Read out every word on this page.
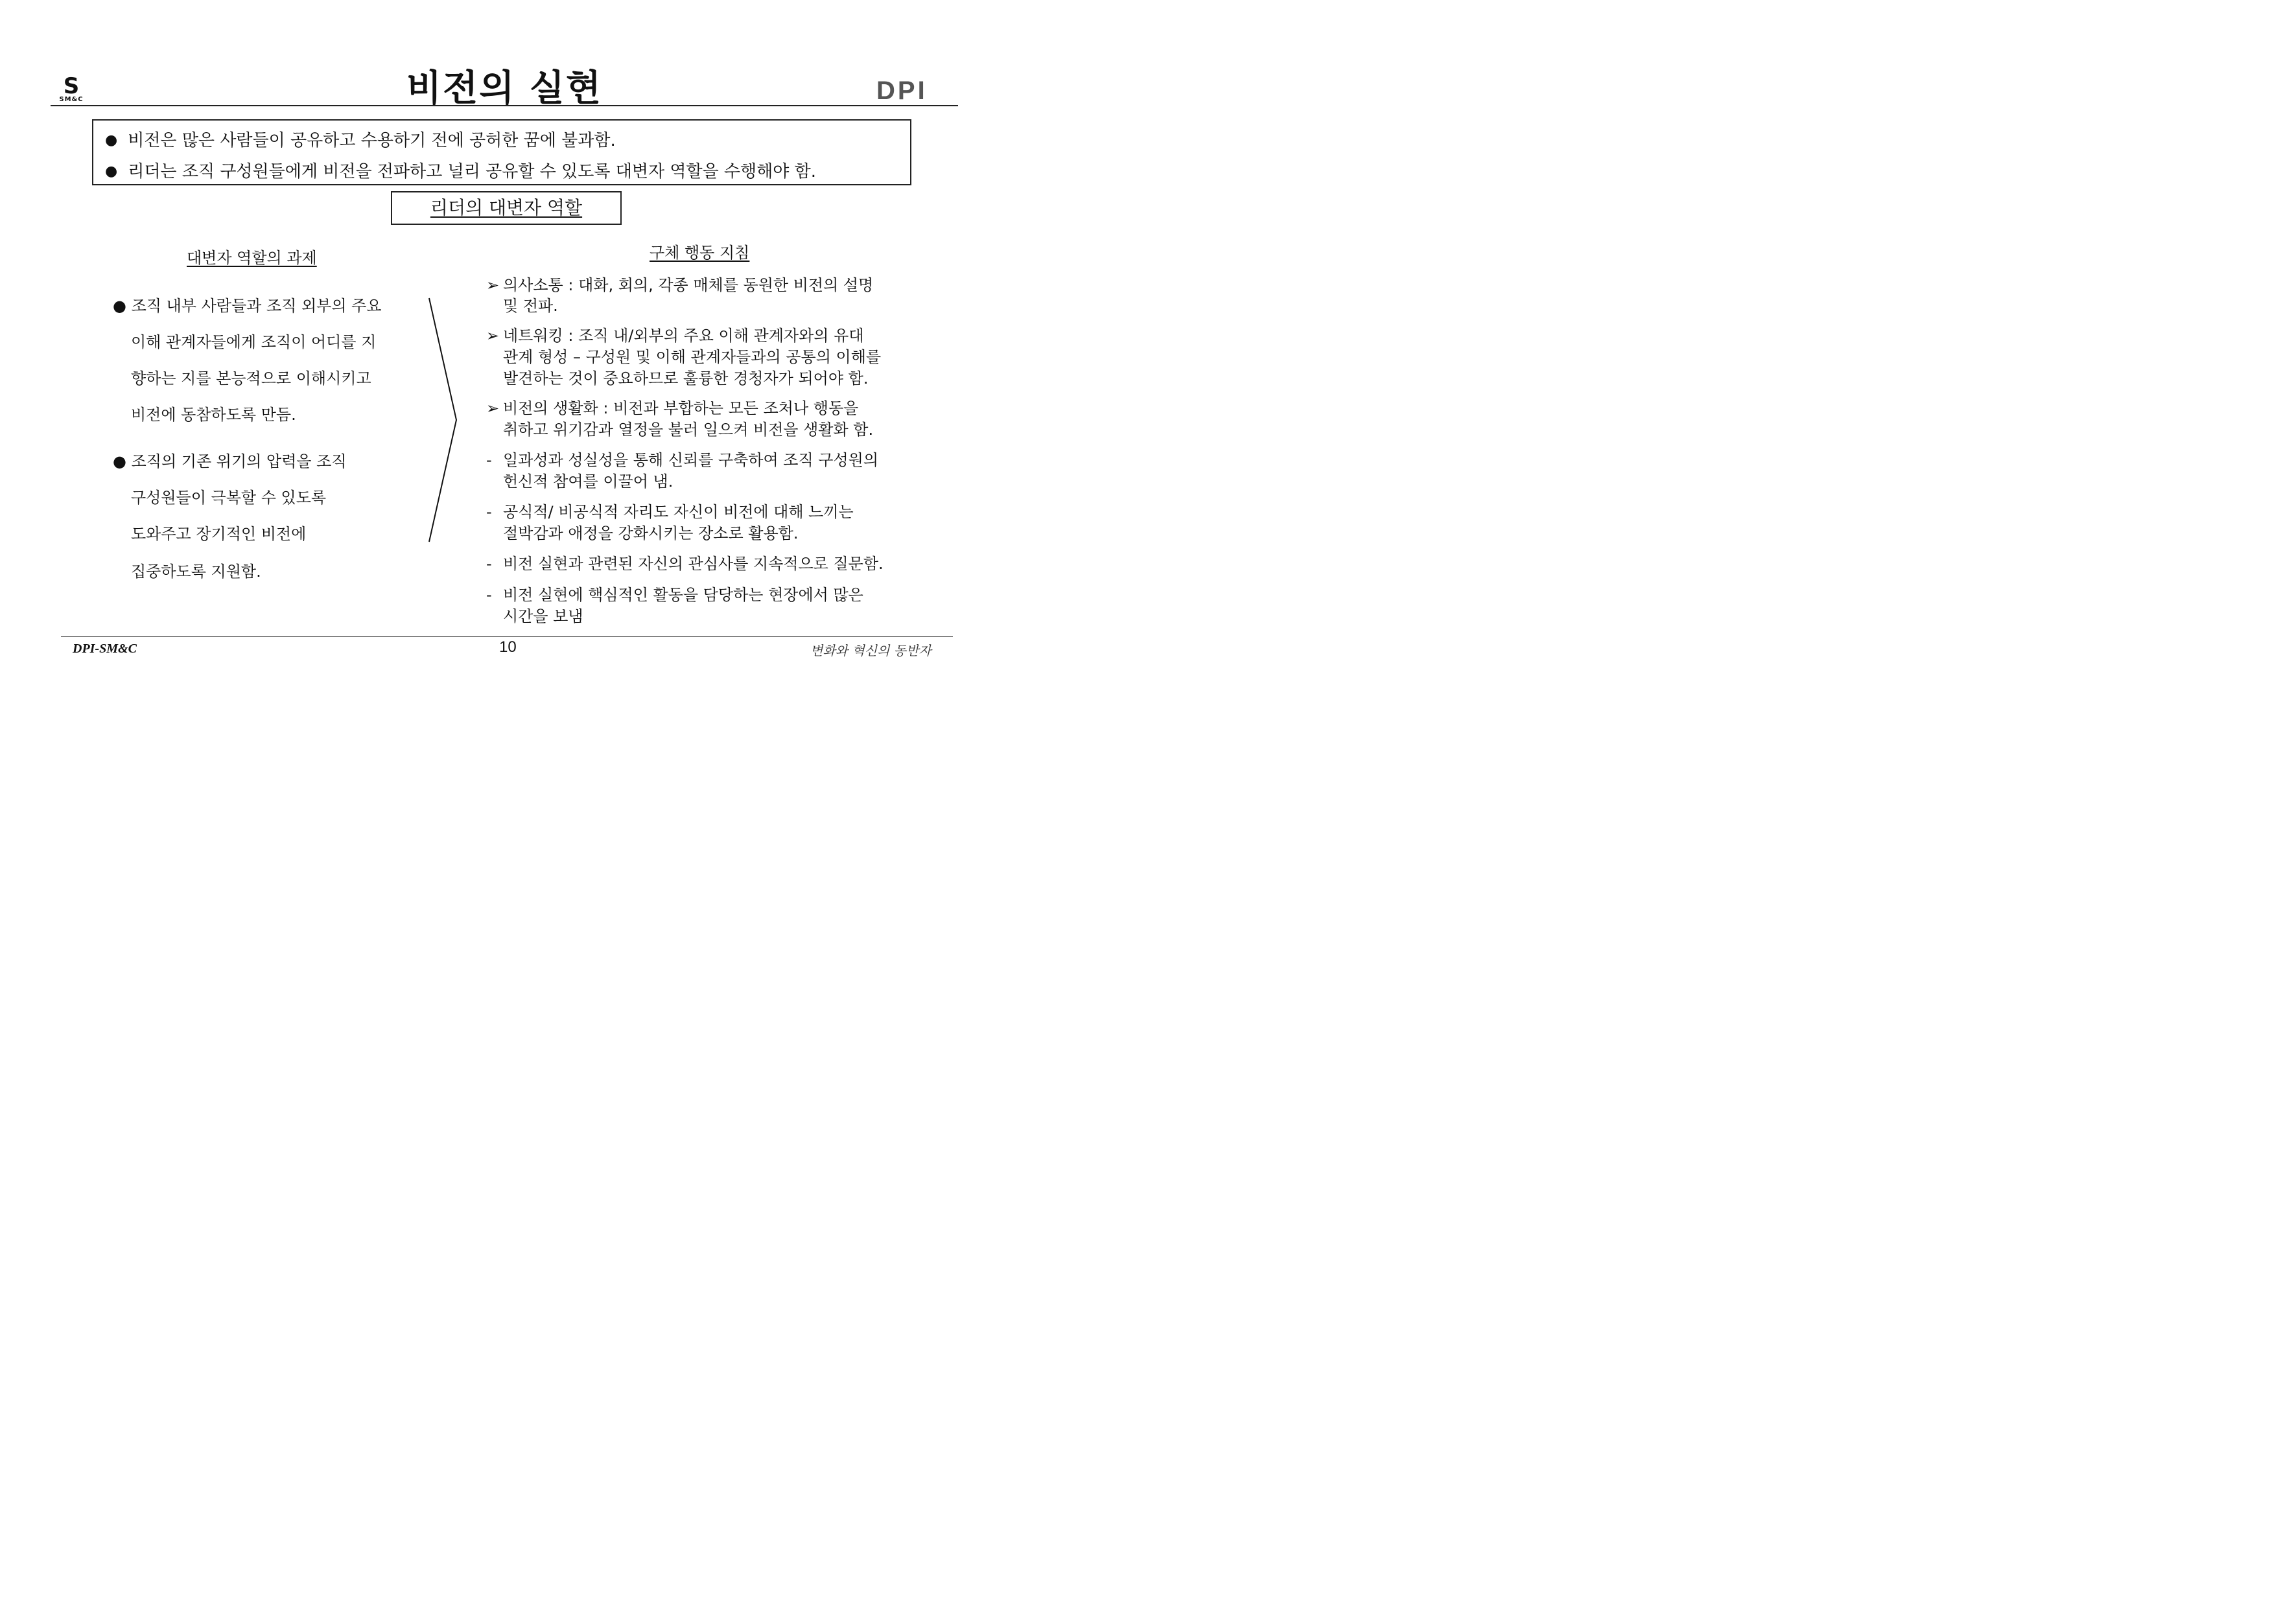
S
SM&C	DPI
비전의 실현
● 비전은 많은 사람들이 공유하고 수용하기 전에 공허한 꿈에 불과함.
● 리더는 조직 구성원들에게 비전을 전파하고 널리 공유할 수 있도록 대변자 역할을 수행해야 함.
리더의 대변자 역할
대변자 역할의 과제
● 조직 내부 사람들과 조직 외부의 주요
이해 관계자들에게 조직이 어디를 지
향하는 지를 본능적으로 이해시키고
비전에 동참하도록 만듬.
● 조직의 기존 위기의 압력을 조직
구성원들이 극복할 수 있도록
도와주고 장기적인 비전에
집중하도록 지원함.
구체 행동 지침
➢ 의사소통 : 대화, 회의, 각종 매체를 동원한 비전의 설명
및 전파.
➢ 네트워킹 : 조직 내/외부의 주요 이해 관계자와의 유대
관계 형성 – 구성원 및 이해 관계자들과의 공통의 이해를
발견하는 것이 중요하므로 훌륭한 경청자가 되어야 함.
➢ 비전의 생활화 : 비전과 부합하는 모든 조처나 행동을
취하고 위기감과 열정을 불러 일으켜 비전을 생활화 함.
- 일과성과 성실성을 통해 신뢰를 구축하여 조직 구성원의
헌신적 참여를 이끌어 냄.
- 공식적/ 비공식적 자리도 자신이 비전에 대해 느끼는
절박감과 애정을 강화시키는 장소로 활용함.
- 비전 실현과 관련된 자신의 관심사를 지속적으로 질문함.
- 비전 실현에 핵심적인 활동을 담당하는 현장에서 많은
시간을 보냄
DPI-SM&C	10	변화와 혁신의 동반자
